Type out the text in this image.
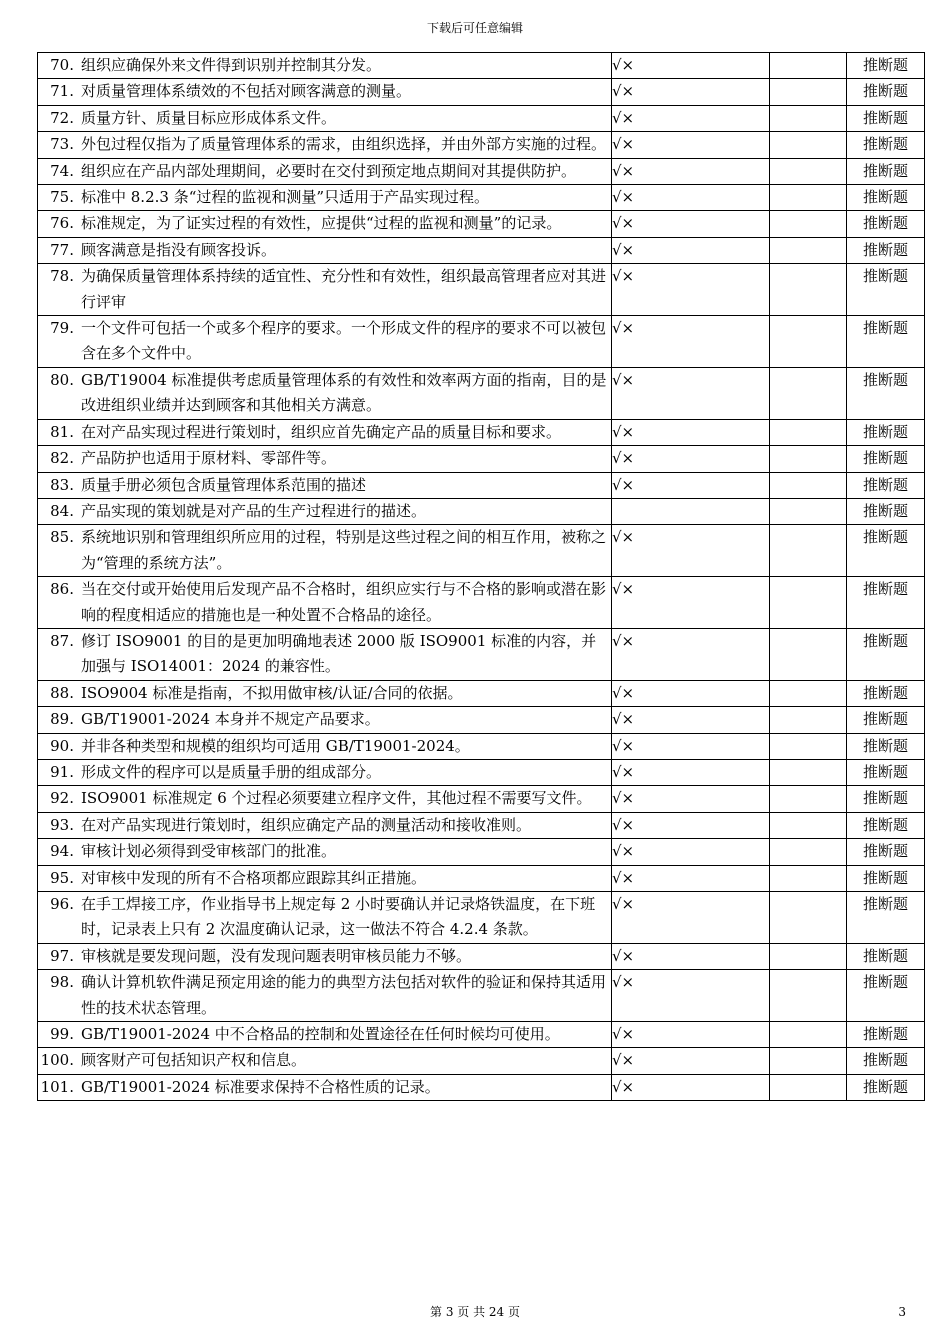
下载后可任意编辑
70. 组织应确保外来文件得到识别并控制其分发。	√×		推断题

71. 对质量管理体系绩效的不包括对顾客满意的测量。	√×		推断题

72. 质量方针、质量目标应形成体系文件。	√×		推断题

73. 外包过程仅指为了质量管理体系的需求，由组织选择，并由外部方实施的过程。	√×		推断题

74. 组织应在产品内部处理期间，必要时在交付到预定地点期间对其提供防护。	√×		推断题

75. 标准中 8.2.3 条“过程的监视和测量”只适用于产品实现过程。	√×		推断题

76. 标准规定，为了证实过程的有效性，应提供“过程的监视和测量”的记录。	√×		推断题

77. 顾客满意是指没有顾客投诉。	√×		推断题

78. 为确保质量管理体系持续的适宜性、充分性和有效性，组织最高管理者应对其进行评审	√×		推断题

79. 一个文件可包括一个或多个程序的要求。一个形成文件的程序的要求不可以被包含在多个文件中。	√×		推断题

80. GB/T19004 标准提供考虑质量管理体系的有效性和效率两方面的指南，目的是改进组织业绩并达到顾客和其他相关方满意。	√×		推断题

81. 在对产品实现过程进行策划时，组织应首先确定产品的质量目标和要求。	√×		推断题

82. 产品防护也适用于原材料、零部件等。	√×		推断题

83. 质量手册必须包含质量管理体系范围的描述	√×		推断题

84. 产品实现的策划就是对产品的生产过程进行的描述。			推断题

85. 系统地识别和管理组织所应用的过程，特别是这些过程之间的相互作用，被称之为“管理的系统方法”。	√×		推断题

86. 当在交付或开始使用后发现产品不合格时，组织应实行与不合格的影响或潜在影响的程度相适应的措施也是一种处置不合格品的途径。	√×		推断题

87. 修订 ISO9001 的目的是更加明确地表述 2000 版 ISO9001 标准的内容，并加强与 ISO14001：2024 的兼容性。	√×		推断题

88. ISO9004 标准是指南，不拟用做审核/认证/合同的依据。	√×		推断题

89. GB/T19001-2024 本身并不规定产品要求。	√×		推断题

90. 并非各种类型和规模的组织均可适用 GB/T19001-2024。	√×		推断题

91. 形成文件的程序可以是质量手册的组成部分。	√×		推断题

92. ISO9001 标准规定 6 个过程必须要建立程序文件，其他过程不需要写文件。	√×		推断题

93. 在对产品实现进行策划时，组织应确定产品的测量活动和接收准则。	√×		推断题

94. 审核计划必须得到受审核部门的批准。	√×		推断题

95. 对审核中发现的所有不合格项都应跟踪其纠正措施。	√×		推断题

96. 在手工焊接工序，作业指导书上规定每 2 小时要确认并记录烙铁温度，在下班时，记录表上只有 2 次温度确认记录，这一做法不符合 4.2.4 条款。	√×		推断题

97. 审核就是要发现问题，没有发现问题表明审核员能力不够。	√×		推断题

98. 确认计算机软件满足预定用途的能力的典型方法包括对软件的验证和保持其适用性的技术状态管理。	√×		推断题

99. GB/T19001-2024 中不合格品的控制和处置途径在任何时候均可使用。	√×		推断题

100. 顾客财产可包括知识产权和信息。	√×		推断题

101. GB/T19001-2024 标准要求保持不合格性质的记录。	√×		推断题
第 3 页 共 24 页	3
